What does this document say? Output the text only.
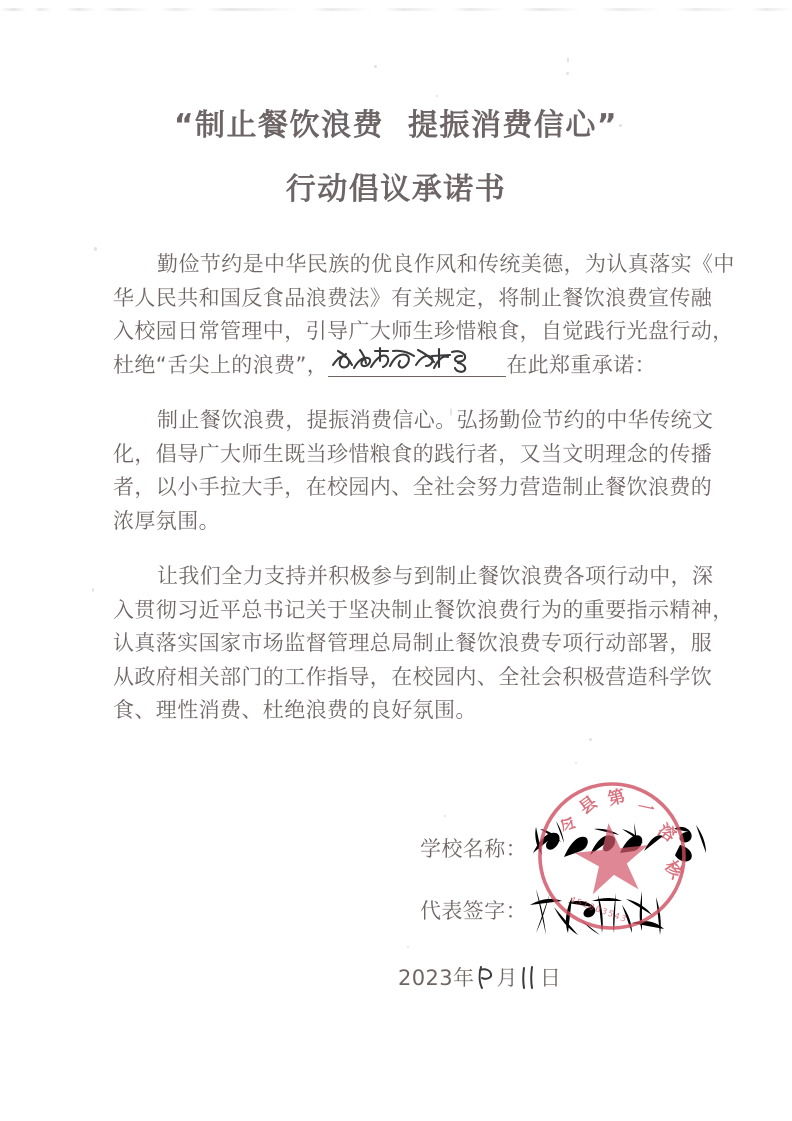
“制止餐饮浪费  提振消费信心”
行动倡议承诺书

勤俭节约是中华民族的优良作风和传统美德，为认真落实《中
华人民共和国反食品浪费法》有关规定，将制止餐饮浪费宣传融
入校园日常管理中，引导广大师生珍惜粮食，自觉践行光盘行动，
杜绝“舌尖上的浪费”，	在此郑重承诺：

制止餐饮浪费，提振消费信心。弘扬勤俭节约的中华传统文
化，倡导广大师生既当珍惜粮食的践行者，又当文明理念的传播
者，以小手拉大手，在校园内、全社会努力营造制止餐饮浪费的
浓厚氛围。

让我们全力支持并积极参与到制止餐饮浪费各项行动中，深
入贯彻习近平总书记关于坚决制止餐饮浪费行为的重要指示精神，
认真落实国家市场监督管理总局制止餐饮浪费专项行动部署，服
从政府相关部门的工作指导，在校园内、全社会积极营造科学饮
食、理性消费、杜绝浪费的良好氛围。

学校名称：
代表签字：
令
县 第 一
溶
核
451003543
2023年 月 日
